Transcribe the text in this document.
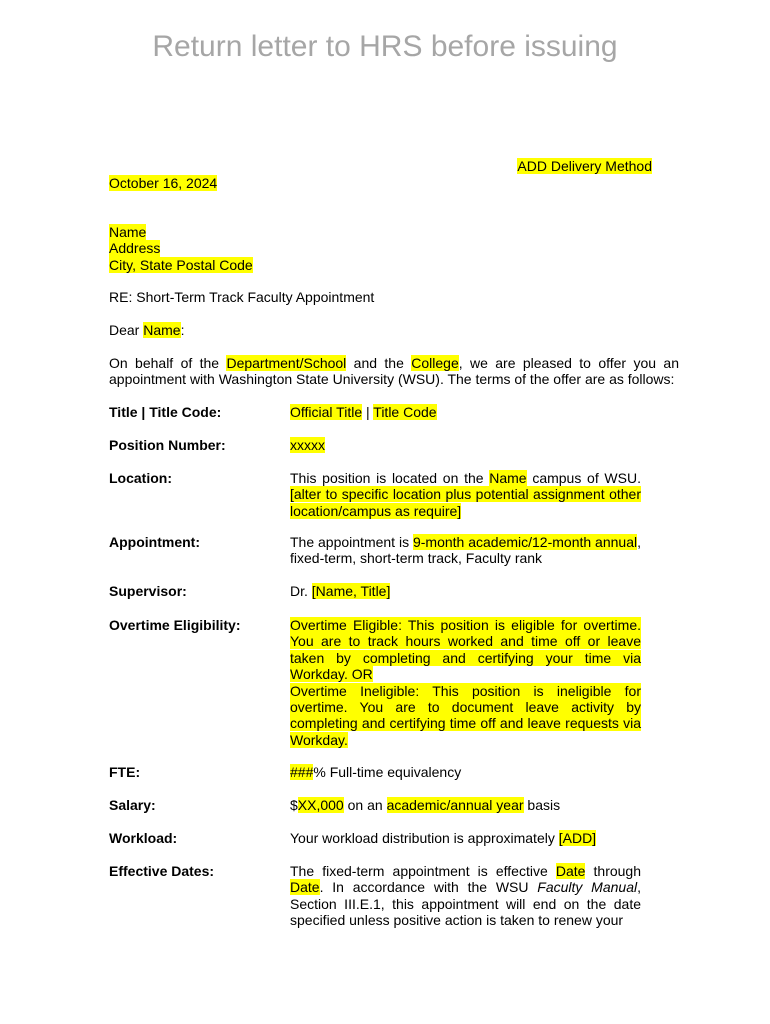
Return letter to HRS before issuing
ADD Delivery Method
October 16, 2024
Name
Address
City, State Postal Code
RE: Short-Term Track Faculty Appointment
Dear Name:
On behalf of the Department/School and the College, we are pleased to offer you an appointment with Washington State University (WSU). The terms of the offer are as follows:
Title | Title Code:	Official Title | Title Code
Position Number:	xxxxx
Location:	This position is located on the Name campus of WSU. [alter to specific location plus potential assignment other location/campus as require]
Appointment:	The appointment is 9-month academic/12-month annual, fixed-term, short-term track, Faculty rank
Supervisor:	Dr. [Name, Title]
Overtime Eligibility:	Overtime Eligible: This position is eligible for overtime. You are to track hours worked and time off or leave taken by completing and certifying your time via Workday. OR
Overtime Ineligible: This position is ineligible for overtime. You are to document leave activity by completing and certifying time off and leave requests via Workday.
FTE:	###% Full-time equivalency
Salary:	$XX,000 on an academic/annual year basis
Workload:	Your workload distribution is approximately [ADD]
Effective Dates:	The fixed-term appointment is effective Date through Date. In accordance with the WSU Faculty Manual, Section III.E.1, this appointment will end on the date specified unless positive action is taken to renew your
